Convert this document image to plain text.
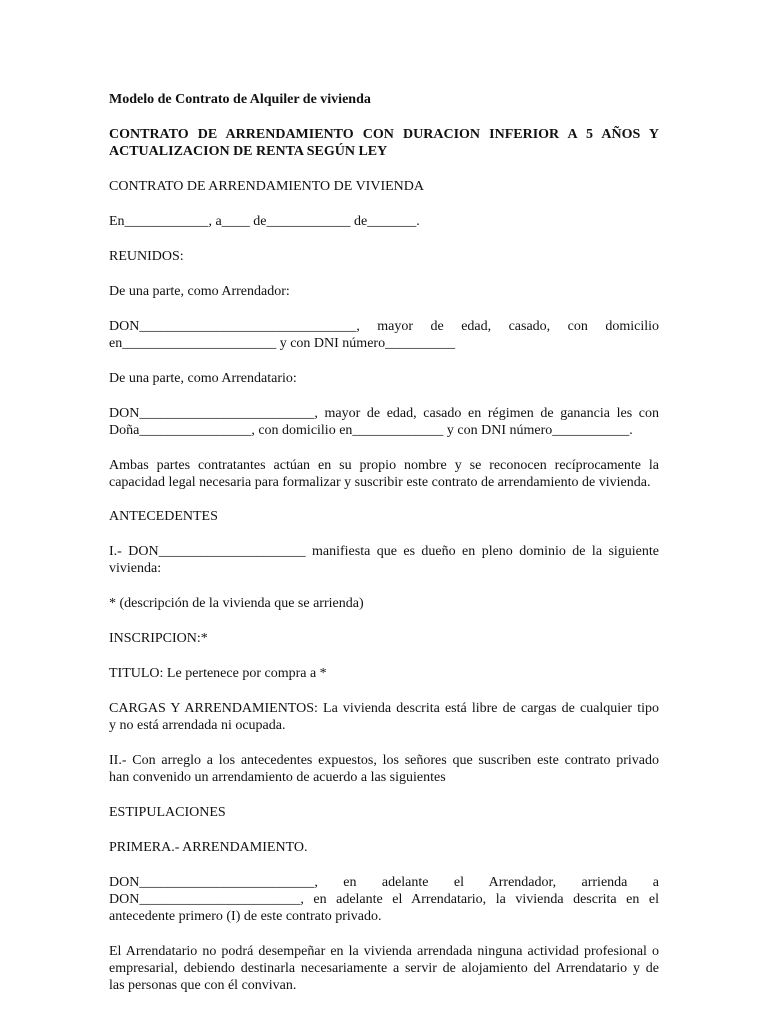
Modelo de Contrato de Alquiler de vivienda

CONTRATO DE ARRENDAMIENTO CON DURACION INFERIOR A 5 AÑOS Y

ACTUALIZACION DE RENTA SEGÚN LEY

CONTRATO DE ARRENDAMIENTO DE VIVIENDA

En____________, a____ de____________ de_______.

REUNIDOS:

De una parte, como Arrendador:

DON_______________________________, mayor de edad, casado, con domicilio

en______________________ y con DNI número__________

De una parte, como Arrendatario:

DON_________________________, mayor de edad, casado en régimen de ganancia les con

Doña________________, con domicilio en_____________ y con DNI número___________.

Ambas partes contratantes actúan en su propio nombre y se reconocen recíprocamente la

capacidad legal necesaria para formalizar y suscribir este contrato de arrendamiento de vivienda.

ANTECEDENTES

I.- DON_____________________ manifiesta que es dueño en pleno dominio de la siguiente

vivienda:

* (descripción de la vivienda que se arrienda)

INSCRIPCION:*

TITULO: Le pertenece por compra a *

CARGAS Y ARRENDAMIENTOS: La vivienda descrita está libre de cargas de cualquier tipo

y no está arrendada ni ocupada.

II.- Con arreglo a los antecedentes expuestos, los señores que suscriben este contrato privado

han convenido un arrendamiento de acuerdo a las siguientes

ESTIPULACIONES

PRIMERA.- ARRENDAMIENTO.

DON_________________________, en adelante el Arrendador, arrienda a

DON_______________________, en adelante el Arrendatario, la vivienda descrita en el

antecedente primero (I) de este contrato privado.

El Arrendatario no podrá desempeñar en la vivienda arrendada ninguna actividad profesional o

empresarial, debiendo destinarla necesariamente a servir de alojamiento del Arrendatario y de

las personas que con él convivan.
